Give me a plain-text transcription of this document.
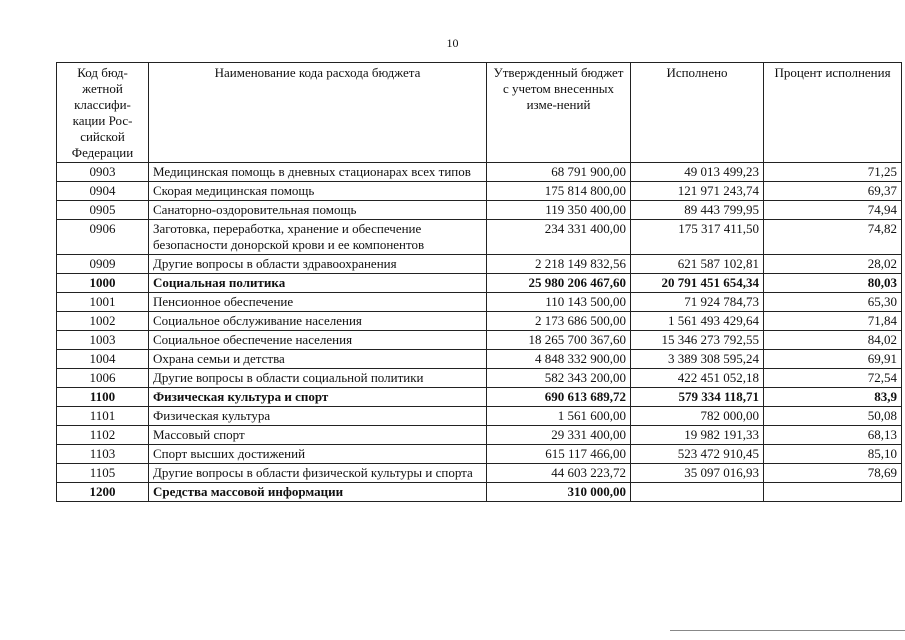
10
Код бюд-жетной классифи-кации Рос-сийской Федерации	Наименование кода расхода бюджета	Утвержденный бюджет с учетом внесенных изме-нений	Исполнено	Процент исполнения
0903	Медицинская помощь в дневных стационарах всех типов	68 791 900,00	49 013 499,23	71,25
0904	Скорая медицинская помощь	175 814 800,00	121 971 243,74	69,37
0905	Санаторно-оздоровительная помощь	119 350 400,00	89 443 799,95	74,94
0906	Заготовка, переработка, хранение и обеспечение безопасности донорской крови и ее компонентов	234 331 400,00	175 317 411,50	74,82
0909	Другие вопросы в области здравоохранения	2 218 149 832,56	621 587 102,81	28,02
1000	Социальная политика	25 980 206 467,60	20 791 451 654,34	80,03
1001	Пенсионное обеспечение	110 143 500,00	71 924 784,73	65,30
1002	Социальное обслуживание населения	2 173 686 500,00	1 561 493 429,64	71,84
1003	Социальное обеспечение населения	18 265 700 367,60	15 346 273 792,55	84,02
1004	Охрана семьи и детства	4 848 332 900,00	3 389 308 595,24	69,91
1006	Другие вопросы в области социальной политики	582 343 200,00	422 451 052,18	72,54
1100	Физическая культура и спорт	690 613 689,72	579 334 118,71	83,9
1101	Физическая культура	1 561 600,00	782 000,00	50,08
1102	Массовый спорт	29 331 400,00	19 982 191,33	68,13
1103	Спорт высших достижений	615 117 466,00	523 472 910,45	85,10
1105	Другие вопросы в области физической культуры и спорта	44 603 223,72	35 097 016,93	78,69
1200	Средства массовой информации	310 000,00		
